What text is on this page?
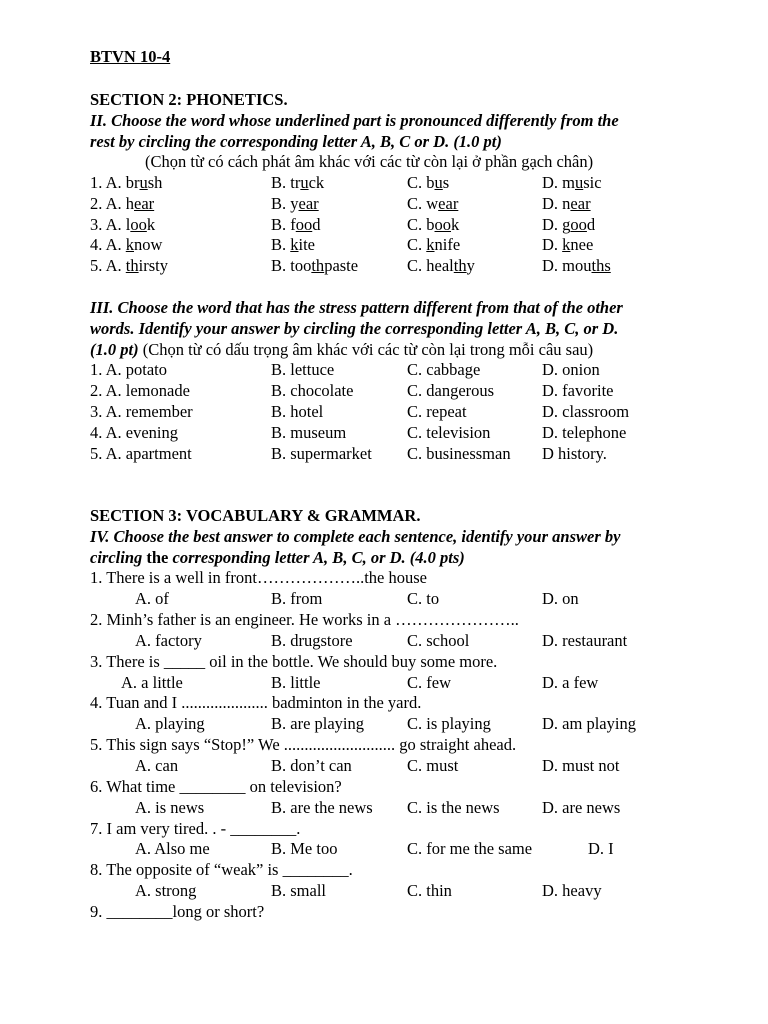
BTVN 10-4
SECTION 2: PHONETICS.
II. Choose the word whose underlined part is pronounced differently from the
rest by circling the corresponding letter A, B, C or D. (1.0 pt)
(Chọn từ có cách phát âm khác với các từ còn lại ở phần gạch chân)
1. A. brush	B. truck	C. bus	D. music
2. A. hear	B. year	C. wear	D. near
3. A. look	B. food	C. book	D. good
4. A. know	B. kite	C. knife	D. knee
5. A. thirsty	B. toothpaste	C. healthy	D. mouths
III. Choose the word that has the stress pattern different from that of the other
words. Identify your answer by circling the corresponding letter A, B, C, or D.
(1.0 pt) (Chọn từ có dấu trọng âm khác với các từ còn lại trong mỗi câu sau)
1. A. potato	B. lettuce	C. cabbage	D. onion
2. A. lemonade	B. chocolate	C. dangerous	D. favorite
3. A. remember	B. hotel	C. repeat	D. classroom
4. A. evening	B. museum	C. television	D. telephone
5. A. apartment	B. supermarket C. businessman D history.
SECTION 3: VOCABULARY & GRAMMAR.
IV. Choose the best answer to complete each sentence, identify your answer by
circling the corresponding letter A, B, C, or D. (4.0 pts)
1. There is a well in front………………..the house
A. of	B. from	C. to	D. on
2. Minh’s father is an engineer. He works in a …………………..
A. factory	B. drugstore	C. school	D. restaurant
3. There is _____ oil in the bottle. We should buy some more.
A. a little	B. little	C. few	D. a few
4. Tuan and I ..................... badminton in the yard.
A. playing	B. are playing	C. is playing	D. am playing
5. This sign says “Stop!” We ........................... go straight ahead.
A. can	B. don’t can	C. must	D. must not
6. What time ________ on television?
A. is news	B. are the news C. is the news	D. are news
7. I am very tired. . - ________.
A. Also me	B. Me too	C. for me the same	D. I
8. The opposite of “weak” is ________.
A. strong	B. small	C. thin	D. heavy
9. ________long or short?
